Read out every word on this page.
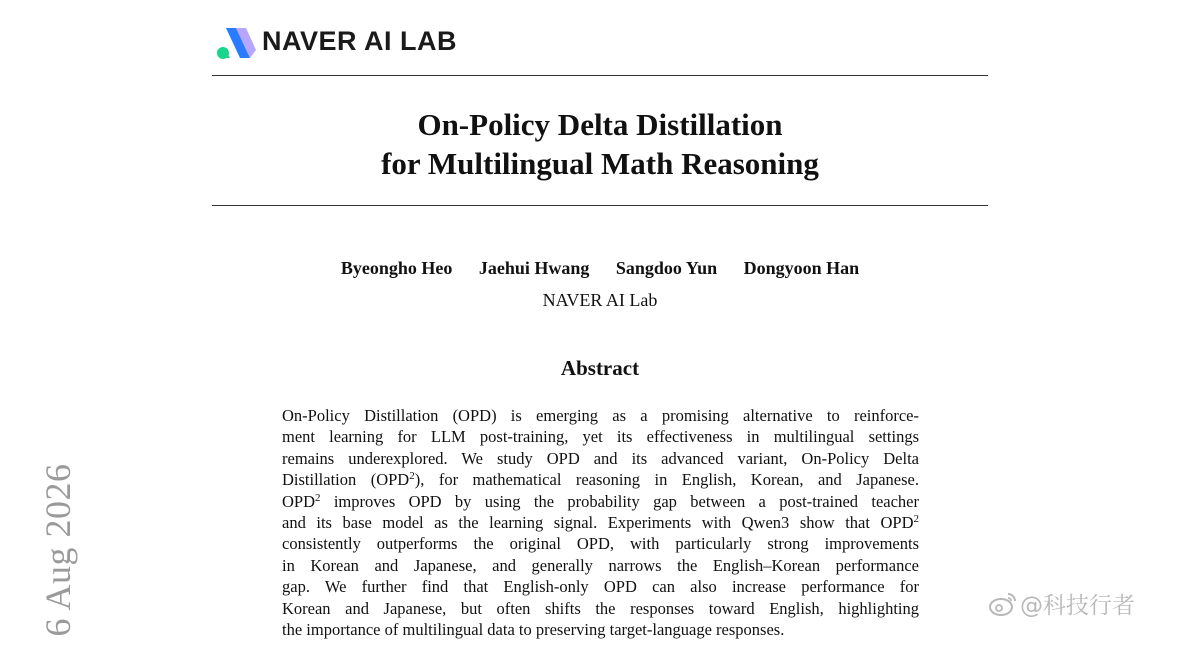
NAVER AI LAB
On-Policy Delta Distillation
for Multilingual Math Reasoning
Byeongho Heo Jaehui Hwang Sangdoo Yun Dongyoon Han
NAVER AI Lab
Abstract
On-Policy Distillation (OPD) is emerging as a promising alternative to reinforce-
ment learning for LLM post-training, yet its effectiveness in multilingual settings
remains underexplored. We study OPD and its advanced variant, On-Policy Delta
Distillation (OPD$^2$), for mathematical reasoning in English, Korean, and Japanese.
OPD$^2$ improves OPD by using the probability gap between a post-trained teacher
and its base model as the learning signal. Experiments with Qwen3 show that OPD$^2$
consistently outperforms the original OPD, with particularly strong improvements
in Korean and Japanese, and generally narrows the English–Korean performance
gap. We further find that English-only OPD can also increase performance for
Korean and Japanese, but often shifts the responses toward English, highlighting
the importance of multilingual data to preserving target-language responses.
6 Aug 2026	@科技行者
